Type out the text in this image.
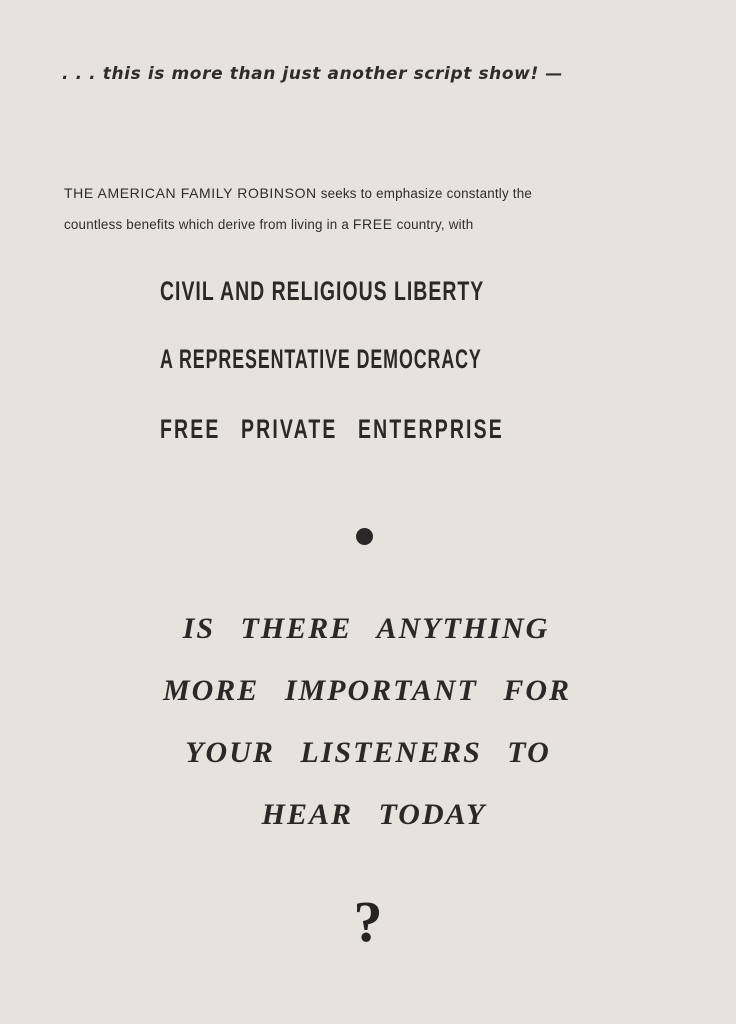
. . . this is more than just another script show! —
THE AMERICAN FAMILY ROBINSON seeks to emphasize constantly the
countless benefits which derive from living in a FREE country, with
CIVIL AND RELIGIOUS LIBERTY
A REPRESENTATIVE DEMOCRACY
FREE PRIVATE ENTERPRISE
IS THERE ANYTHING
MORE IMPORTANT FOR
YOUR LISTENERS TO
HEAR TODAY
?
